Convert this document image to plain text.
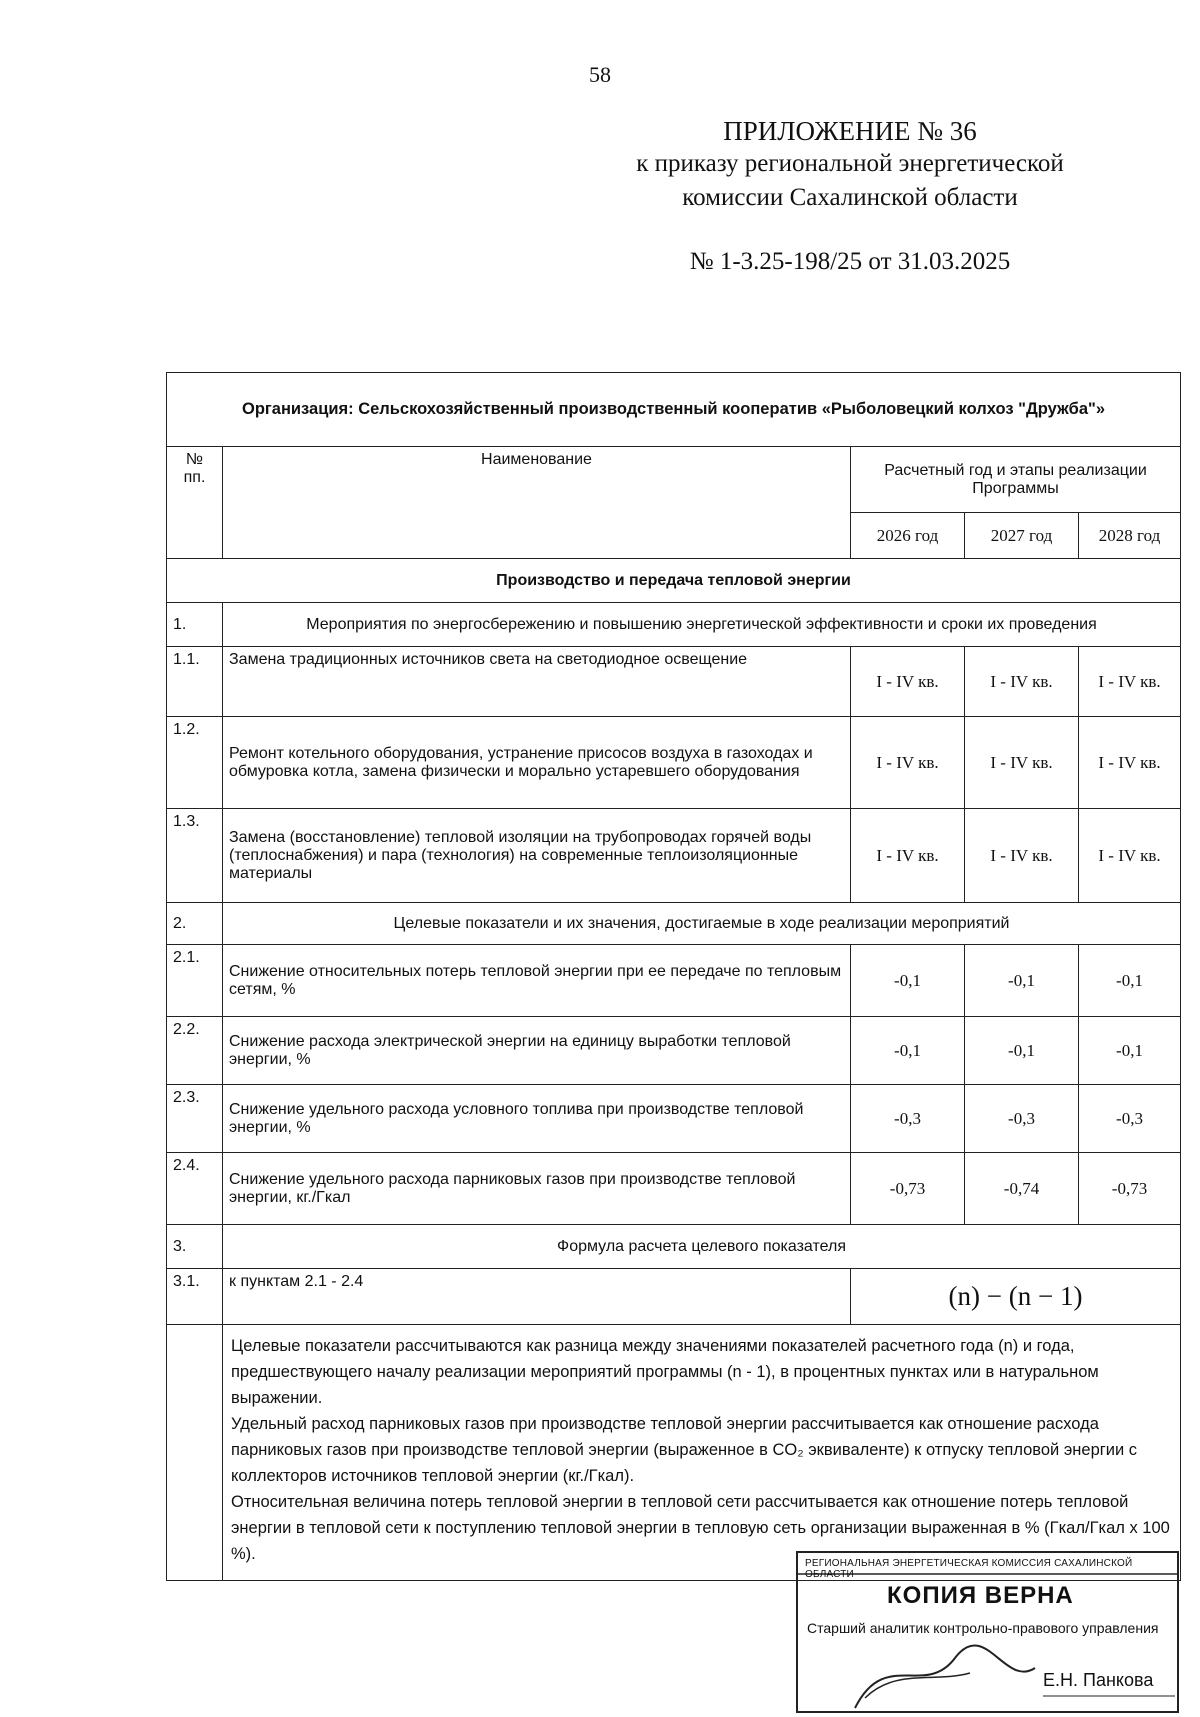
58
ПРИЛОЖЕНИЕ № 36
к приказу региональной энергетической
комиссии Сахалинской области
№ 1-3.25-198/25 от 31.03.2025
Организация: Сельскохозяйственный производственный кооператив «Рыболовецкий колхоз "Дружба"»				
№ пп.	Наименование	Расчетный год и этапы реализации Программы		
		2026 год	2027 год	2028 год
Производство и передача тепловой энергии				
1.	Мероприятия по энергосбережению и повышению энергетической эффективности и сроки их проведения			
1.1.	Замена традиционных источников света на светодиодное освещение	I - IV кв.	I - IV кв.	I - IV кв.
1.2.	Ремонт котельного оборудования, устранение присосов воздуха в газоходах и обмуровка котла, замена физически и морально устаревшего оборудования	I - IV кв.	I - IV кв.	I - IV кв.
1.3.	Замена (восстановление) тепловой изоляции на трубопроводах горячей воды (теплоснабжения) и пара (технология) на современные теплоизоляционные материалы	I - IV кв.	I - IV кв.	I - IV кв.
2.	Целевые показатели и их значения, достигаемые в ходе реализации мероприятий			
2.1.	Снижение относительных потерь тепловой энергии при ее передаче по тепловым сетям, %	-0,1	-0,1	-0,1
2.2.	Снижение расхода электрической энергии на единицу выработки тепловой энергии, %	-0,1	-0,1	-0,1
2.3.	Снижение удельного расхода условного топлива при производстве тепловой энергии, %	-0,3	-0,3	-0,3
2.4.	Снижение удельного расхода парниковых газов при производстве тепловой энергии, кг./Гкал	-0,73	-0,74	-0,73
3.	Формула расчета целевого показателя			
3.1.	к пунктам 2.1 - 2.4	(n) − (n − 1)		

	Целевые показатели рассчитываются как разница между значениями показателей расчетного года (n) и года, предшествующего началу реализации мероприятий программы (n - 1), в процентных пунктах или в натуральном выражении.

Удельный расход парниковых газов при производстве тепловой энергии рассчитывается как отношение расхода парниковых газов при производстве тепловой энергии (выраженное в CO₂ эквиваленте) к отпуску тепловой энергии с коллекторов источников тепловой энергии (кг./Гкал).

Относительная величина потерь тепловой энергии в тепловой сети рассчитывается как отношение потерь тепловой энергии в тепловой сети к поступлению тепловой энергии в тепловую сеть организации выраженная в % (Гкал/Гкал х 100 %).			

РЕГИОНАЛЬНАЯ ЭНЕРГЕТИЧЕСКАЯ КОМИССИЯ САХАЛИНСКОЙ ОБЛАСТИ
КОПИЯ ВЕРНА
Старший аналитик контрольно-правового управления
Е.Н. Панкова
